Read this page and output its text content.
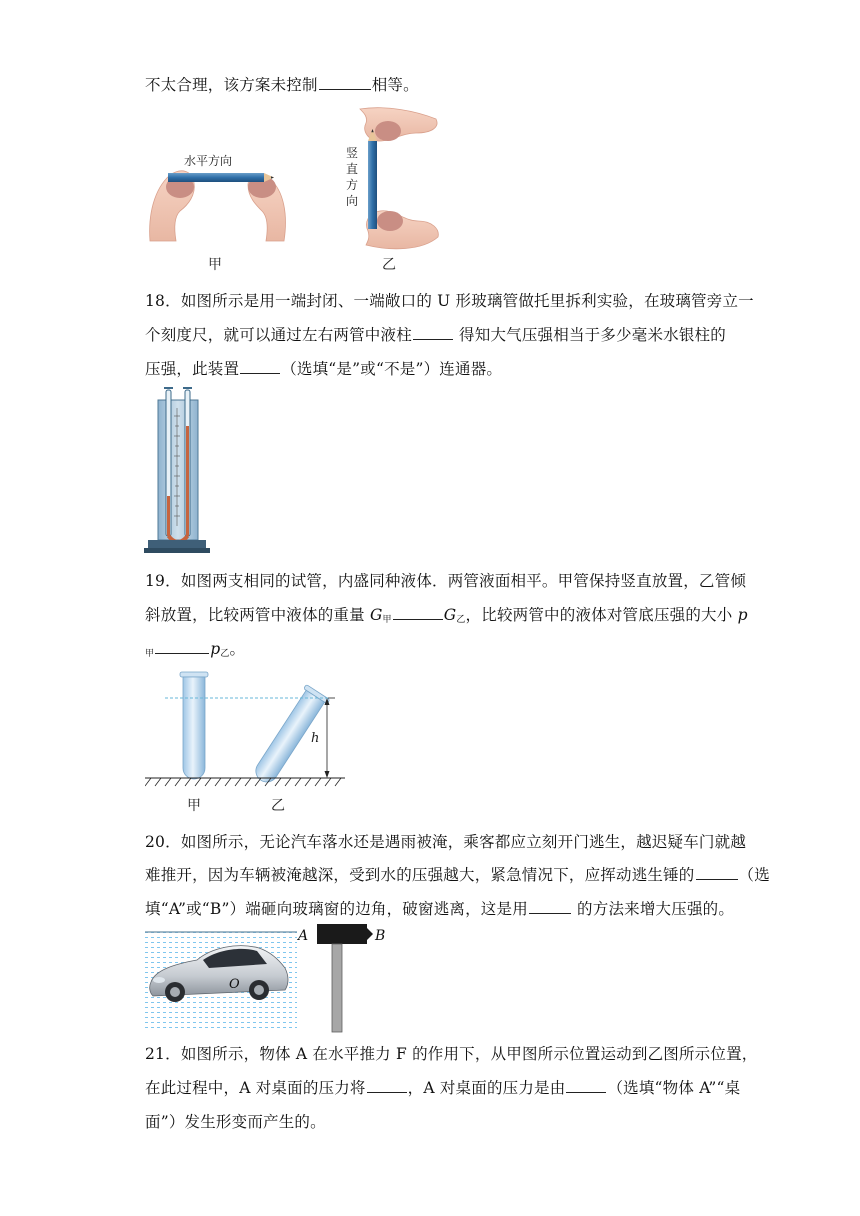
不太合理，该方案未控制	相等。
水平方向
甲
竖直方向
乙
18．如图所示是用一端封闭、一端敞口的 U 形玻璃管做托里拆利实验，在玻璃管旁立一
个刻度尺，就可以通过左右两管中液柱	得知大气压强相当于多少毫米水银柱的
压强，此装置	（选填“是”或“不是”）连通器。
19．如图两支相同的试管，内盛同种液体．两管液面相平。甲管保持竖直放置，乙管倾
斜放置，比较两管中液体的重量 $G_甲$	$G_乙$，比较两管中的液体对管底压强的大小 p
$_甲$	$p_乙$。
h
甲	乙
20．如图所示，无论汽车落水还是遇雨被淹，乘客都应立刻开门逃生，越迟疑车门就越
难推开，因为车辆被淹越深，受到水的压强越大，紧急情况下，应挥动逃生锤的	（选
填“A”或“B”）端砸向玻璃窗的边角，破窗逃离，这是用	的方法来增大压强的。
O
A	B
21．如图所示，物体 A 在水平推力 F 的作用下，从甲图所示位置运动到乙图所示位置，
在此过程中，A 对桌面的压力将	，A 对桌面的压力是由	（选填“物体 A”“桌
面”）发生形变而产生的。
